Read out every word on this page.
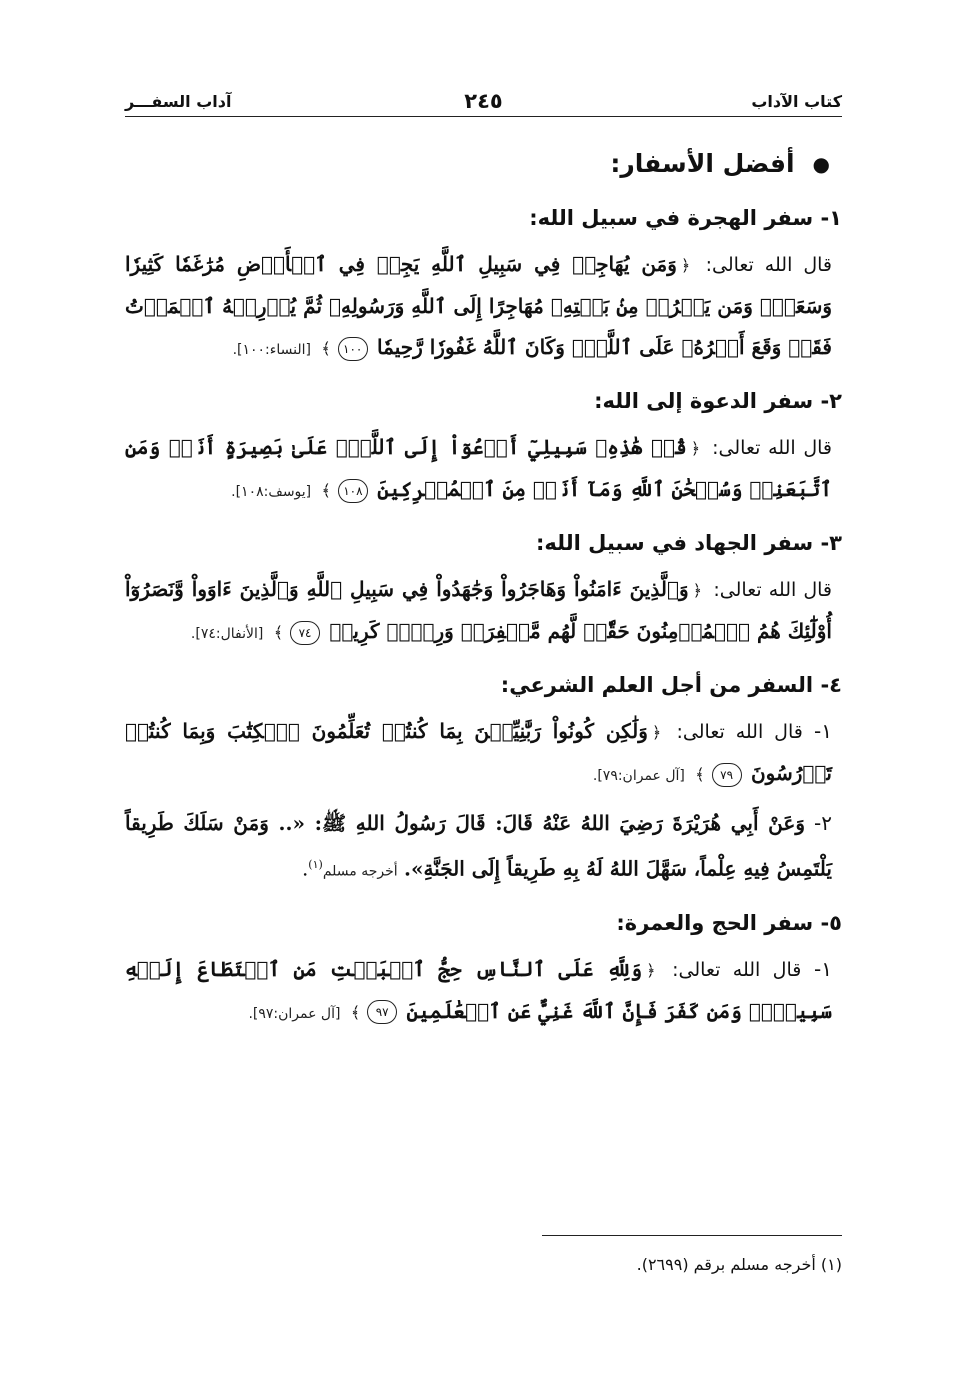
كتاب الآداب
٢٤٥
آداب السفـــر
●
أفضل الأسفار:
١- سفر الهجرة في سبيل الله:

قال الله تعالى: ﴿وَمَن يُهَاجِرۡ فِي سَبِيلِ ٱللَّهِ يَجِدۡ فِي ٱلۡأَرۡضِ مُرَٰغَمٗا كَثِيرٗا وَسَعَةٗۚ وَمَن يَخۡرُجۡ مِنۢ بَيۡتِهِۦ مُهَاجِرًا إِلَى ٱللَّهِ وَرَسُولِهِۦ ثُمَّ يُدۡرِكۡهُ ٱلۡمَوۡتُ فَقَدۡ وَقَعَ أَجۡرُهُۥ عَلَى ٱللَّهِۗ وَكَانَ ٱللَّهُ غَفُورٗا رَّحِيمٗا ١٠٠﴾ [النساء:١٠٠].

٢- سفر الدعوة إلى الله:

قال الله تعالى: ﴿قُلۡ هَٰذِهِۦ سَبِيلِيٓ أَدۡعُوٓاْ إِلَى ٱللَّهِۚ عَلَىٰ بَصِيرَةٍ أَنَا۠ وَمَنِ ٱتَّبَعَنِيۖ وَسُبۡحَٰنَ ٱللَّهِ وَمَآ أَنَا۠ مِنَ ٱلۡمُشۡرِكِينَ ١٠٨﴾ [يوسف:١٠٨].

٣- سفر الجهاد في سبيل الله:

قال الله تعالى: ﴿وَٱلَّذِينَ ءَامَنُواْ وَهَاجَرُواْ وَجَٰهَدُواْ فِي سَبِيلِ ٱللَّهِ وَٱلَّذِينَ ءَاوَواْ وَّنَصَرُوٓاْ أُوْلَٰٓئِكَ هُمُ ٱلۡمُؤۡمِنُونَ حَقّٗاۚ لَّهُم مَّغۡفِرَةٞ وَرِزۡقٞ كَرِيمٞ ٧٤﴾ [الأنفال:٧٤].

٤- السفر من أجل العلم الشرعي:

١- قال الله تعالى: ﴿وَلَٰكِن كُونُواْ رَبَّٰنِيِّـۧنَ بِمَا كُنتُمۡ تُعَلِّمُونَ ٱلۡكِتَٰبَ وَبِمَا كُنتُمۡ تَدۡرُسُونَ ٧٩﴾ [آل عمران:٧٩].

٢- وَعَنْ أَبِي هُرَيْرَةَ رَضِيَ اللهُ عَنْهُ قَالَ: قَالَ رَسُولُ اللهِ ﷺ: «.. وَمَنْ سَلَكَ طَرِيقاً يَلْتَمِسُ فِيهِ عِلْماً، سَهَّلَ اللهُ لَهُ بِهِ طَرِيقاً إِلَى الجَنَّةِ». أخرجه مسلم$^{(١)}$.

٥- سفر الحج والعمرة:

١- قال الله تعالى: ﴿وَلِلَّهِ عَلَى ٱلنَّاسِ حِجُّ ٱلۡبَيۡتِ مَنِ ٱسۡتَطَاعَ إِلَيۡهِ سَبِيلٗاۚ وَمَن كَفَرَ فَإِنَّ ٱللَّهَ غَنِيٌّ عَنِ ٱلۡعَٰلَمِينَ ٩٧﴾ [آل عمران:٩٧].

(١) أخرجه مسلم برقم (٢٦٩٩).
